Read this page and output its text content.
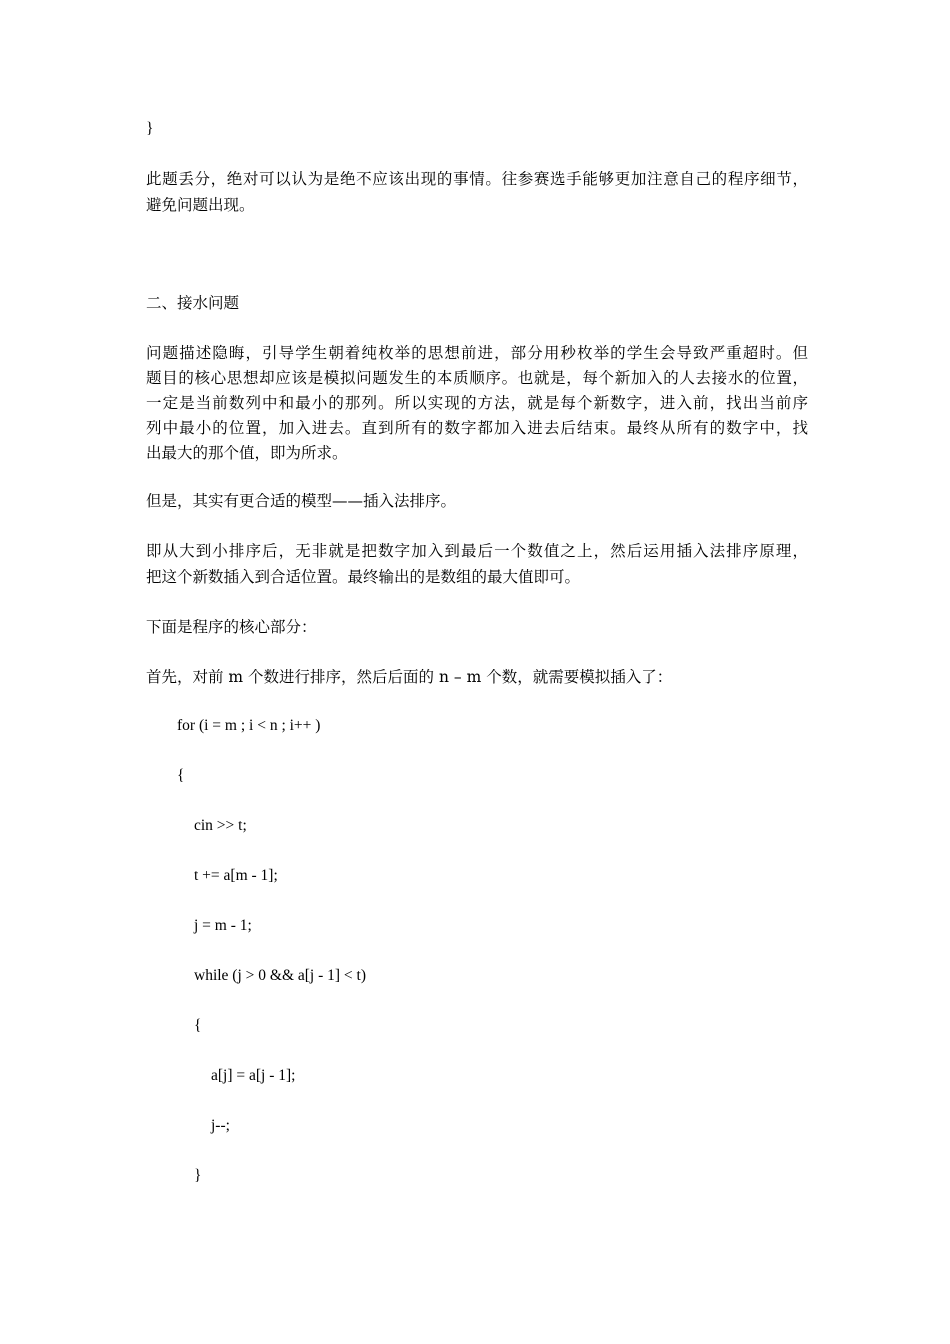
}
此题丢分，绝对可以认为是绝不应该出现的事情。往参赛选手能够更加注意自己的程序细节，
避免问题出现。
二、接水问题
问题描述隐晦，引导学生朝着纯枚举的思想前进，部分用秒枚举的学生会导致严重超时。但
题目的核心思想却应该是模拟问题发生的本质顺序。也就是，每个新加入的人去接水的位置，
一定是当前数列中和最小的那列。所以实现的方法，就是每个新数字，进入前，找出当前序
列中最小的位置，加入进去。直到所有的数字都加入进去后结束。最终从所有的数字中，找
出最大的那个值，即为所求。
但是，其实有更合适的模型——插入法排序。
即从大到小排序后，无非就是把数字加入到最后一个数值之上，然后运用插入法排序原理，
把这个新数插入到合适位置。最终输出的是数组的最大值即可。
下面是程序的核心部分：
首先，对前 m 个数进行排序，然后后面的 n – m 个数，就需要模拟插入了：
for (i = m ; i < n ; i++ )
{
cin >> t;
t += a[m - 1];
j = m - 1;
while (j > 0 && a[j - 1] < t)
{
a[j] = a[j - 1];
j--;
}
